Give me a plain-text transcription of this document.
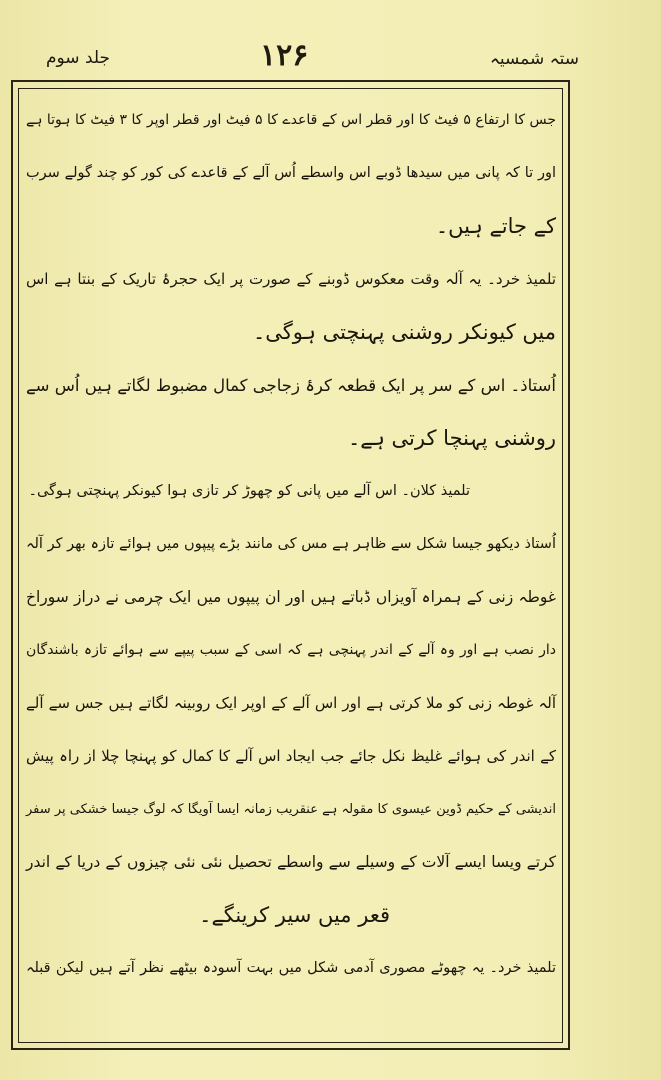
ستہ شمسیہ
۱۲۶
جلد سوم
جس کا ارتفاع ۵ فیٹ کا اور قطر اس کے قاعدے کا ۵ فیٹ اور قطر اوپر کا ۳ فیٹ کا ہوتا ہے
اور تا کہ پانی میں سیدھا ڈوبے اس واسطے اُس آلے کے قاعدے کی کور کو چند گولے سرب
کے جاتے ہیں۔
تلمیذ خرد۔ یہ آلہ وقت معکوس ڈوبنے کے صورت پر ایک حجرۂ تاریک کے بنتا ہے اس
میں کیونکر روشنی پہنچتی ہوگی۔
اُستاذ۔ اس کے سر پر ایک قطعہ کرۂ زجاجی کمال مضبوط لگاتے ہیں اُس سے
روشنی پہنچا کرتی ہے۔
تلمیذ کلان۔ اس آلے میں پانی کو چھوڑ کر تازی ہوا کیونکر پہنچتی ہوگی۔
اُستاذ دیکھو جیسا شکل سے ظاہر ہے مس کی مانند بڑے پیپوں میں ہوائے تازہ بھر کر آلہ
غوطہ زنی کے ہمراہ آویزاں ڈباتے ہیں اور ان پیپوں میں ایک چرمی نے دراز سوراخ
دار نصب ہے اور وہ آلے کے اندر پہنچی ہے کہ اسی کے سبب پیپے سے ہوائے تازہ باشندگان
آلہ غوطہ زنی کو ملا کرتی ہے اور اس آلے کے اوپر ایک روبینہ لگاتے ہیں جس سے آلے
کے اندر کی ہوائے غلیظ نکل جائے جب ایجاد اس آلے کا کمال کو پہنچا چلا از راہ پیش
اندیشی کے حکیم ڈوین عیسوی کا مقولہ ہے عنقریب زمانہ ایسا آویگا کہ لوگ جیسا خشکی پر سفر
کرتے ویسا ایسے آلات کے وسیلے سے واسطے تحصیل نئی نئی چیزوں کے دریا کے اندر
قعر میں سیر کرینگے۔
تلمیذ خرد۔ یہ چھوٹے مصوری آدمی شکل میں بہت آسودہ بیٹھے نظر آتے ہیں لیکن قبلہ
